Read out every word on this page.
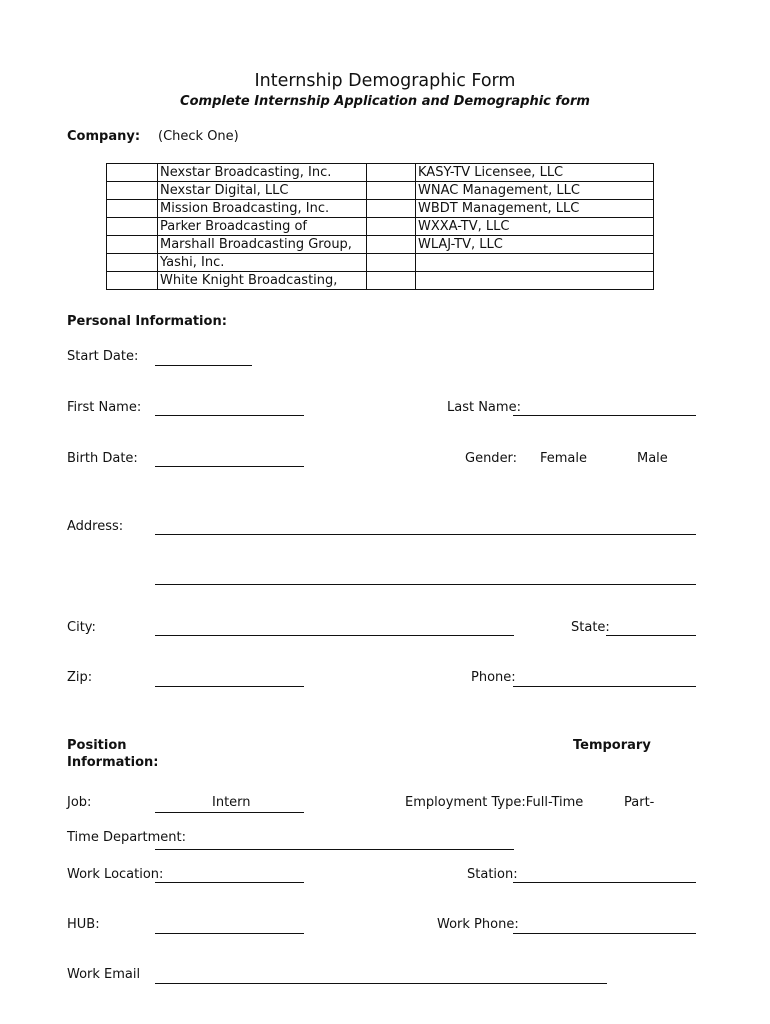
Internship Demographic Form
Complete Internship Application and Demographic form
Company: (Check One)
	Nexstar Broadcasting, Inc.		KASY-TV Licensee, LLC
	Nexstar Digital, LLC		WNAC Management, LLC
	Mission Broadcasting, Inc.		WBDT Management, LLC
	Parker Broadcasting of		WXXA-TV, LLC
	Marshall Broadcasting Group,		WLAJ-TV, LLC
	Yashi, Inc.		
	White Knight Broadcasting,		
Personal Information:
Start Date:
First Name:	Last Name:
Birth Date:	Gender: Female	Male
Address:
City:	State:
Zip:	Phone:
Position
Information:
Temporary
Job:	Intern	Employment Type:Full-Time	Part-
Time Department:
Work Location:	Station:
HUB:	Work Phone:
Work Email
